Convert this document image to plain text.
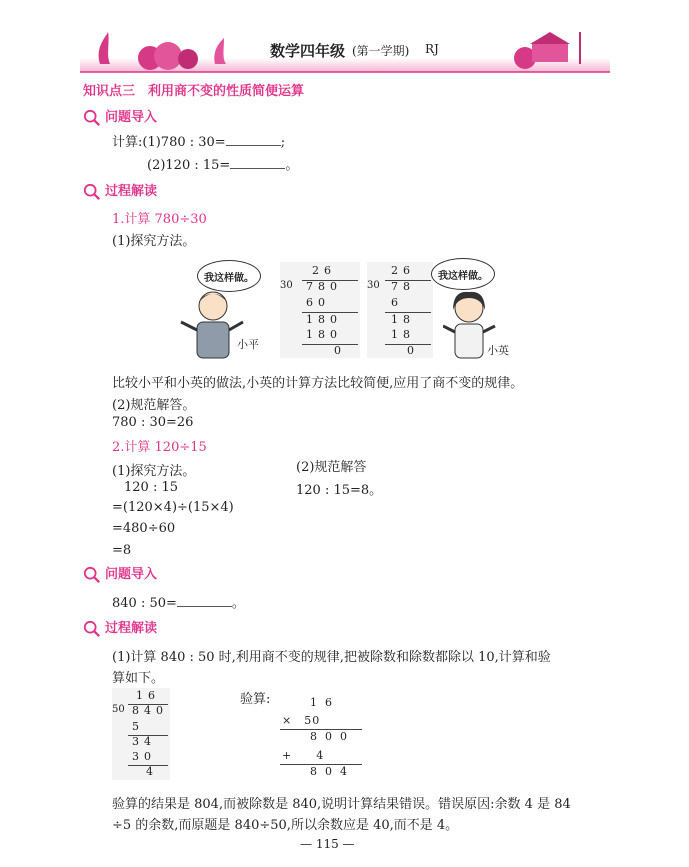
数学四年级 (第一学期) RJ
知识点三　利用商不变的性质简便运算
问题导入
计算:(1)780 : 30=	;
(2)120 : 15=	。
过程解读
1.计算 780÷30
(1)探究方法。
我这样做。
小平
26
30 780
60
180
180
0
26
30 78
6
18
18
0
我这样做。
小英
比较小平和小英的做法,小英的计算方法比较简便,应用了商不变的规律。
(2)规范解答。
780 : 30=26
2.计算 120÷15
(1)探究方法。	(2)规范解答
120 : 15=8。
120 : 15
=(120×4)÷(15×4)
=480÷60
=8
问题导入
840 : 50=	。
过程解读
(1)计算 840 : 50 时,利用商不变的规律,把被除数和除数都除以 10,计算和验
算如下。
16
50 840
5
34
30
4
验算:	16
×　50
800
+　　4
804
验算的结果是 804,而被除数是 840,说明计算结果错误。错误原因:余数 4 是 84
÷5 的余数,而原题是 840÷50,所以余数应是 40,而不是 4。
— 115 —
